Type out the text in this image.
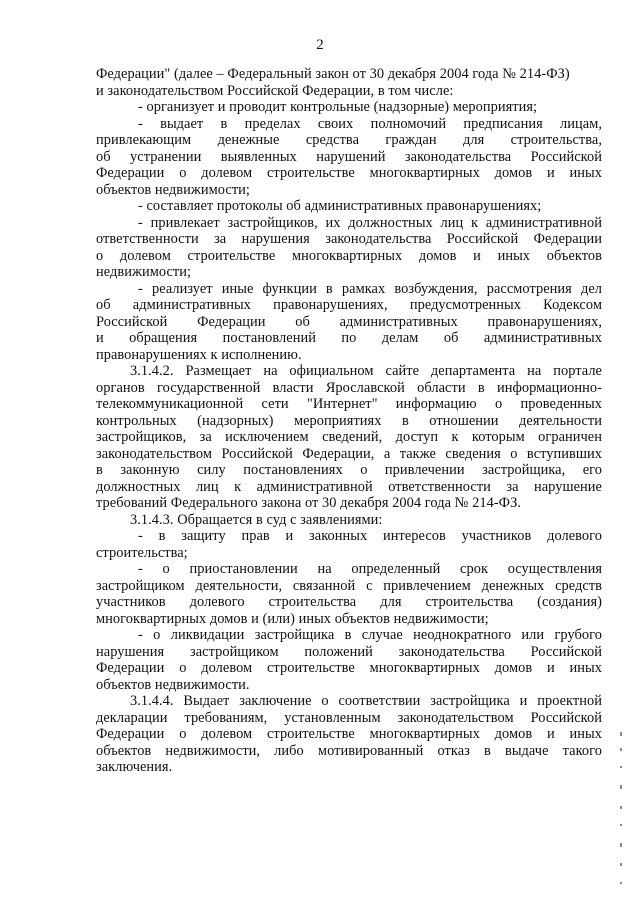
2
Федерации" (далее – Федеральный закон от 30 декабря 2004 года № 214-ФЗ)
и законодательством Российской Федерации, в том числе:
- организует и проводит контрольные (надзорные) мероприятия;
- выдает в пределах своих полномочий предписания лицам,
привлекающим денежные средства граждан для строительства,
об устранении выявленных нарушений законодательства Российской
Федерации о долевом строительстве многоквартирных домов и иных
объектов недвижимости;
- составляет протоколы об административных правонарушениях;
- привлекает застройщиков, их должностных лиц к административной
ответственности за нарушения законодательства Российской Федерации
о долевом строительстве многоквартирных домов и иных объектов
недвижимости;
- реализует иные функции в рамках возбуждения, рассмотрения дел
об административных правонарушениях, предусмотренных Кодексом
Российской Федерации об административных правонарушениях,
и обращения постановлений по делам об административных
правонарушениях к исполнению.
3.1.4.2. Размещает на официальном сайте департамента на портале
органов государственной власти Ярославской области в информационно-
телекоммуникационной сети "Интернет" информацию о проведенных
контрольных (надзорных) мероприятиях в отношении деятельности
застройщиков, за исключением сведений, доступ к которым ограничен
законодательством Российской Федерации, а также сведения о вступивших
в законную силу постановлениях о привлечении застройщика, его
должностных лиц к административной ответственности за нарушение
требований Федерального закона от 30 декабря 2004 года № 214-ФЗ.
3.1.4.3. Обращается в суд с заявлениями:
- в защиту прав и законных интересов участников долевого
строительства;
- о приостановлении на определенный срок осуществления
застройщиком деятельности, связанной с привлечением денежных средств
участников долевого строительства для строительства (создания)
многоквартирных домов и (или) иных объектов недвижимости;
- о ликвидации застройщика в случае неоднократного или грубого
нарушения застройщиком положений законодательства Российской
Федерации о долевом строительстве многоквартирных домов и иных
объектов недвижимости.
3.1.4.4. Выдает заключение о соответствии застройщика и проектной
декларации требованиям, установленным законодательством Российской
Федерации о долевом строительстве многоквартирных домов и иных
объектов недвижимости, либо мотивированный отказ в выдаче такого
заключения.
